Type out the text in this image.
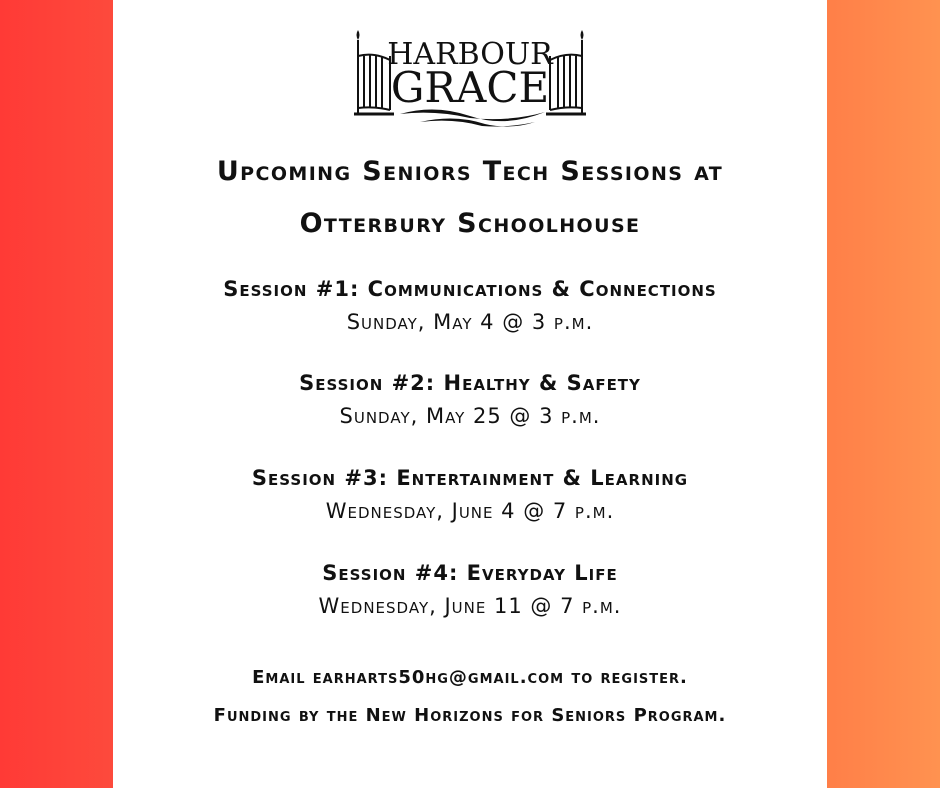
HARBOUR
GRACE
Upcoming Seniors Tech Sessions at
Otterbury Schoolhouse
Session #1: Communications & Connections
Sunday, May 4 @ 3 p.m.
Session #2: Healthy & Safety
Sunday, May 25 @ 3 p.m.
Session #3: Entertainment & Learning
Wednesday, June 4 @ 7 p.m.
Session #4: Everyday Life
Wednesday, June 11 @ 7 p.m.
Email earharts50hg@gmail.com to register.
Funding by the New Horizons for Seniors Program.
